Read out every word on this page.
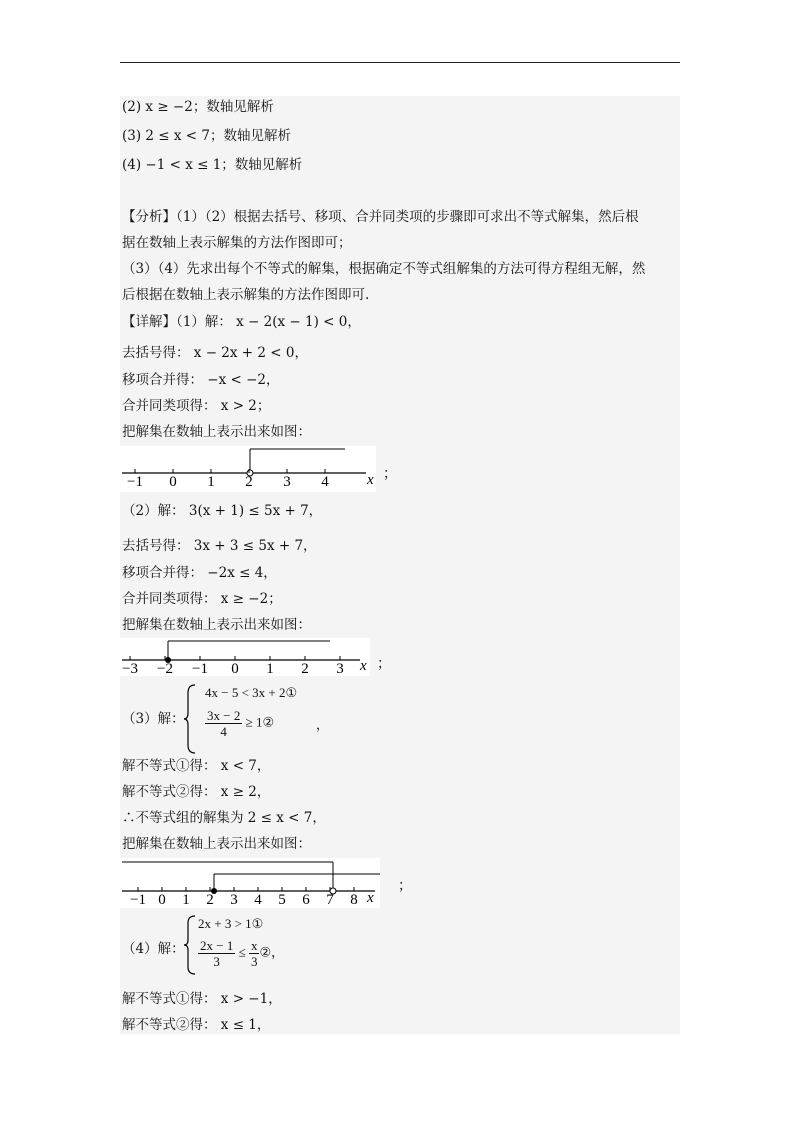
(2) x ≥ −2；数轴见解析
(3) 2 ≤ x < 7；数轴见解析
(4) −1 < x ≤ 1；数轴见解析
【分析】（1）（2）根据去括号、移项、合并同类项的步骤即可求出不等式解集，然后根
据在数轴上表示解集的方法作图即可；
（3）（4）先求出每个不等式的解集，根据确定不等式组解集的方法可得方程组无解，然
后根据在数轴上表示解集的方法作图即可.
【详解】（1）解： x − 2(x − 1) < 0，
去括号得： x − 2x + 2 < 0，
移项合并得： −x < −2，
合并同类项得： x > 2；
把解集在数轴上表示出来如图：
−1 0 1 2 3 4	x ；
（2）解： 3(x + 1) ≤ 5x + 7，
去括号得： 3x + 3 ≤ 5x + 7，
移项合并得： −2x ≤ 4，
合并同类项得： x ≥ −2；
把解集在数轴上表示出来如图：
−3 −2 −1 0 1 2 3 x ；
（3）解：
4x − 5 < 3x + 2①
$\frac{3x - 2}{4}$ ≥ 1②	，
解不等式①得： x < 7，
解不等式②得： x ≥ 2，
∴不等式组的解集为 2 ≤ x < 7，
把解集在数轴上表示出来如图：
−1 0 1 2 3 4 5 6 7 8 x
；
（4）解：
2x + 3 > 1①
$\frac{2x - 1}{3} \le \frac{x}{3}$ ②，
解不等式①得： x > −1，
解不等式②得： x ≤ 1，
